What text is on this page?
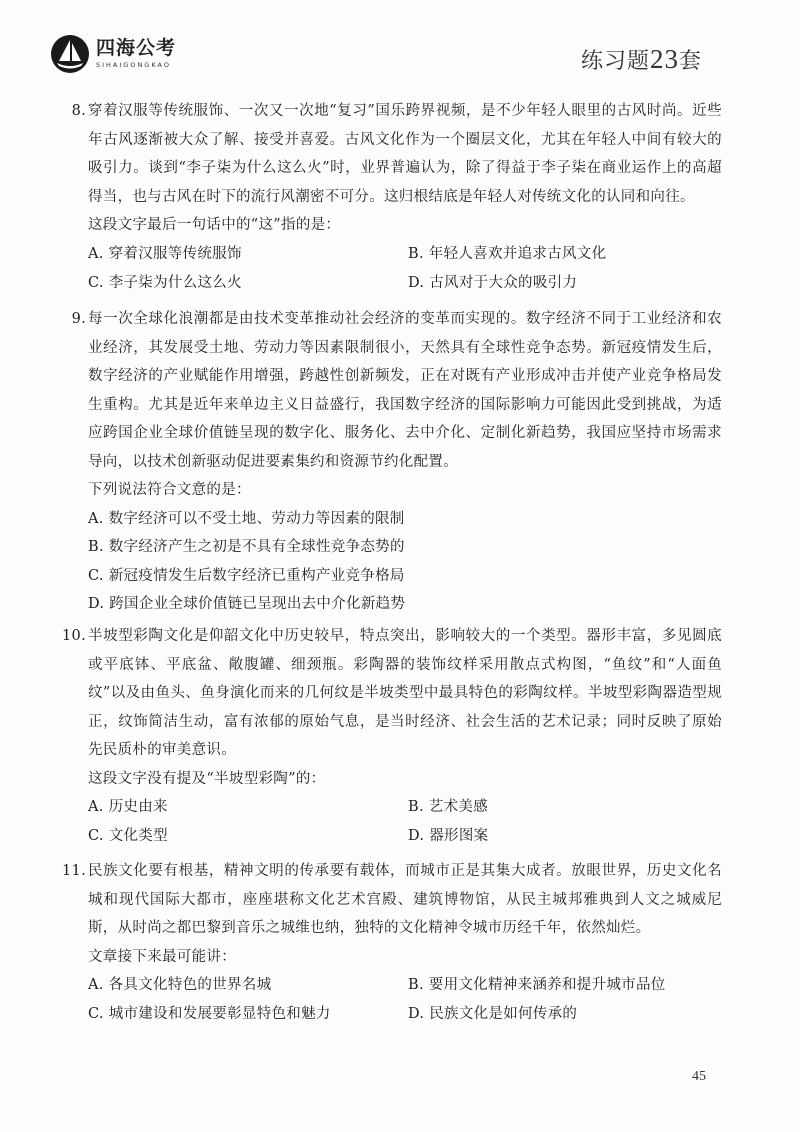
四海公考
SIHAIGONGKAO	练习题23套
8. 穿着汉服等传统服饰、一次又一次地“复习”国乐跨界视频，是不少年轻人眼里的古风时尚。近些年古风逐渐被大众了解、接受并喜爱。古风文化作为一个圈层文化，尤其在年轻人中间有较大的吸引力。谈到“李子柒为什么这么火”时，业界普遍认为，除了得益于李子柒在商业运作上的高超得当，也与古风在时下的流行风潮密不可分。这归根结底是年轻人对传统文化的认同和向往。
这段文字最后一句话中的“这”指的是：
A. 穿着汉服等传统服饰	B. 年轻人喜欢并追求古风文化
C. 李子柒为什么这么火	D. 古风对于大众的吸引力
9. 每一次全球化浪潮都是由技术变革推动社会经济的变革而实现的。数字经济不同于工业经济和农业经济，其发展受土地、劳动力等因素限制很小，天然具有全球性竞争态势。新冠疫情发生后，数字经济的产业赋能作用增强，跨越性创新频发，正在对既有产业形成冲击并使产业竞争格局发生重构。尤其是近年来单边主义日益盛行，我国数字经济的国际影响力可能因此受到挑战，为适应跨国企业全球价值链呈现的数字化、服务化、去中介化、定制化新趋势，我国应坚持市场需求导向，以技术创新驱动促进要素集约和资源节约化配置。
下列说法符合文意的是：
A. 数字经济可以不受土地、劳动力等因素的限制
B. 数字经济产生之初是不具有全球性竞争态势的
C. 新冠疫情发生后数字经济已重构产业竞争格局
D. 跨国企业全球价值链已呈现出去中介化新趋势
10. 半坡型彩陶文化是仰韶文化中历史较早，特点突出，影响较大的一个类型。器形丰富，多见圆底或平底钵、平底盆、敞腹罐、细颈瓶。彩陶器的装饰纹样采用散点式构图，“鱼纹”和“人面鱼纹”以及由鱼头、鱼身演化而来的几何纹是半坡类型中最具特色的彩陶纹样。半坡型彩陶器造型规正，纹饰简洁生动，富有浓郁的原始气息，是当时经济、社会生活的艺术记录；同时反映了原始先民质朴的审美意识。
这段文字没有提及“半坡型彩陶”的：
A. 历史由来	B. 艺术美感
C. 文化类型	D. 器形图案
11. 民族文化要有根基，精神文明的传承要有载体，而城市正是其集大成者。放眼世界，历史文化名城和现代国际大都市，座座堪称文化艺术宫殿、建筑博物馆，从民主城邦雅典到人文之城威尼斯，从时尚之都巴黎到音乐之城维也纳，独特的文化精神令城市历经千年，依然灿烂。
文章接下来最可能讲：
A. 各具文化特色的世界名城	B. 要用文化精神来涵养和提升城市品位
C. 城市建设和发展要彰显特色和魅力	D. 民族文化是如何传承的
45
